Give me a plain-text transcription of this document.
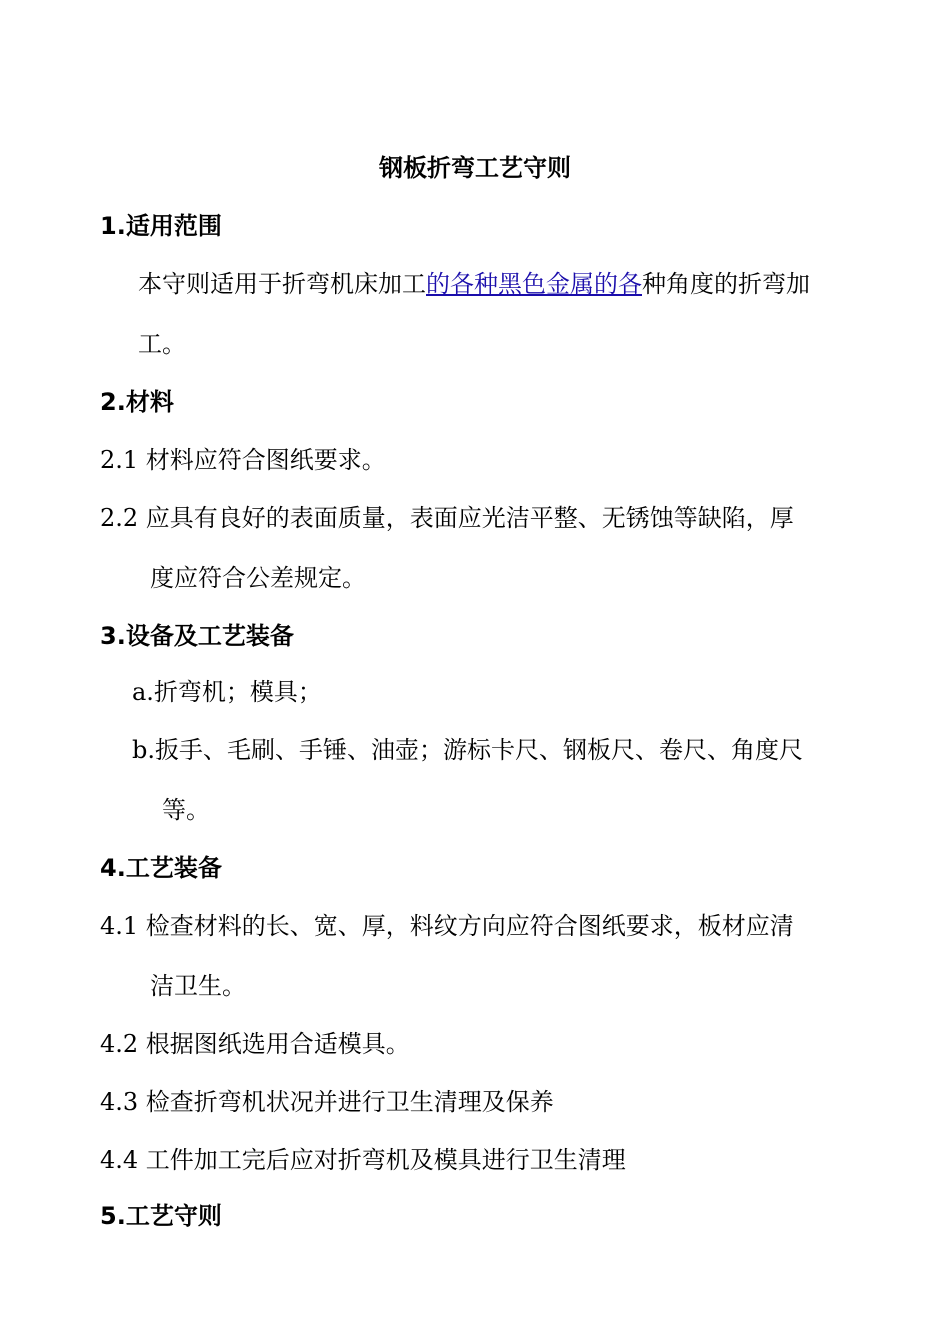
钢板折弯工艺守则
1.适用范围
本守则适用于折弯机床加工的各种黑色金属的各种角度的折弯加
工。
2.材料
2.1 材料应符合图纸要求。
2.2 应具有良好的表面质量，表面应光洁平整、无锈蚀等缺陷，厚
度应符合公差规定。
3.设备及工艺装备
a.折弯机；模具；
b.扳手、毛刷、手锤、油壶；游标卡尺、钢板尺、卷尺、角度尺
等。
4.工艺装备
4.1 检查材料的长、宽、厚，料纹方向应符合图纸要求，板材应清
洁卫生。
4.2 根据图纸选用合适模具。
4.3 检查折弯机状况并进行卫生清理及保养
4.4 工件加工完后应对折弯机及模具进行卫生清理
5.工艺守则
